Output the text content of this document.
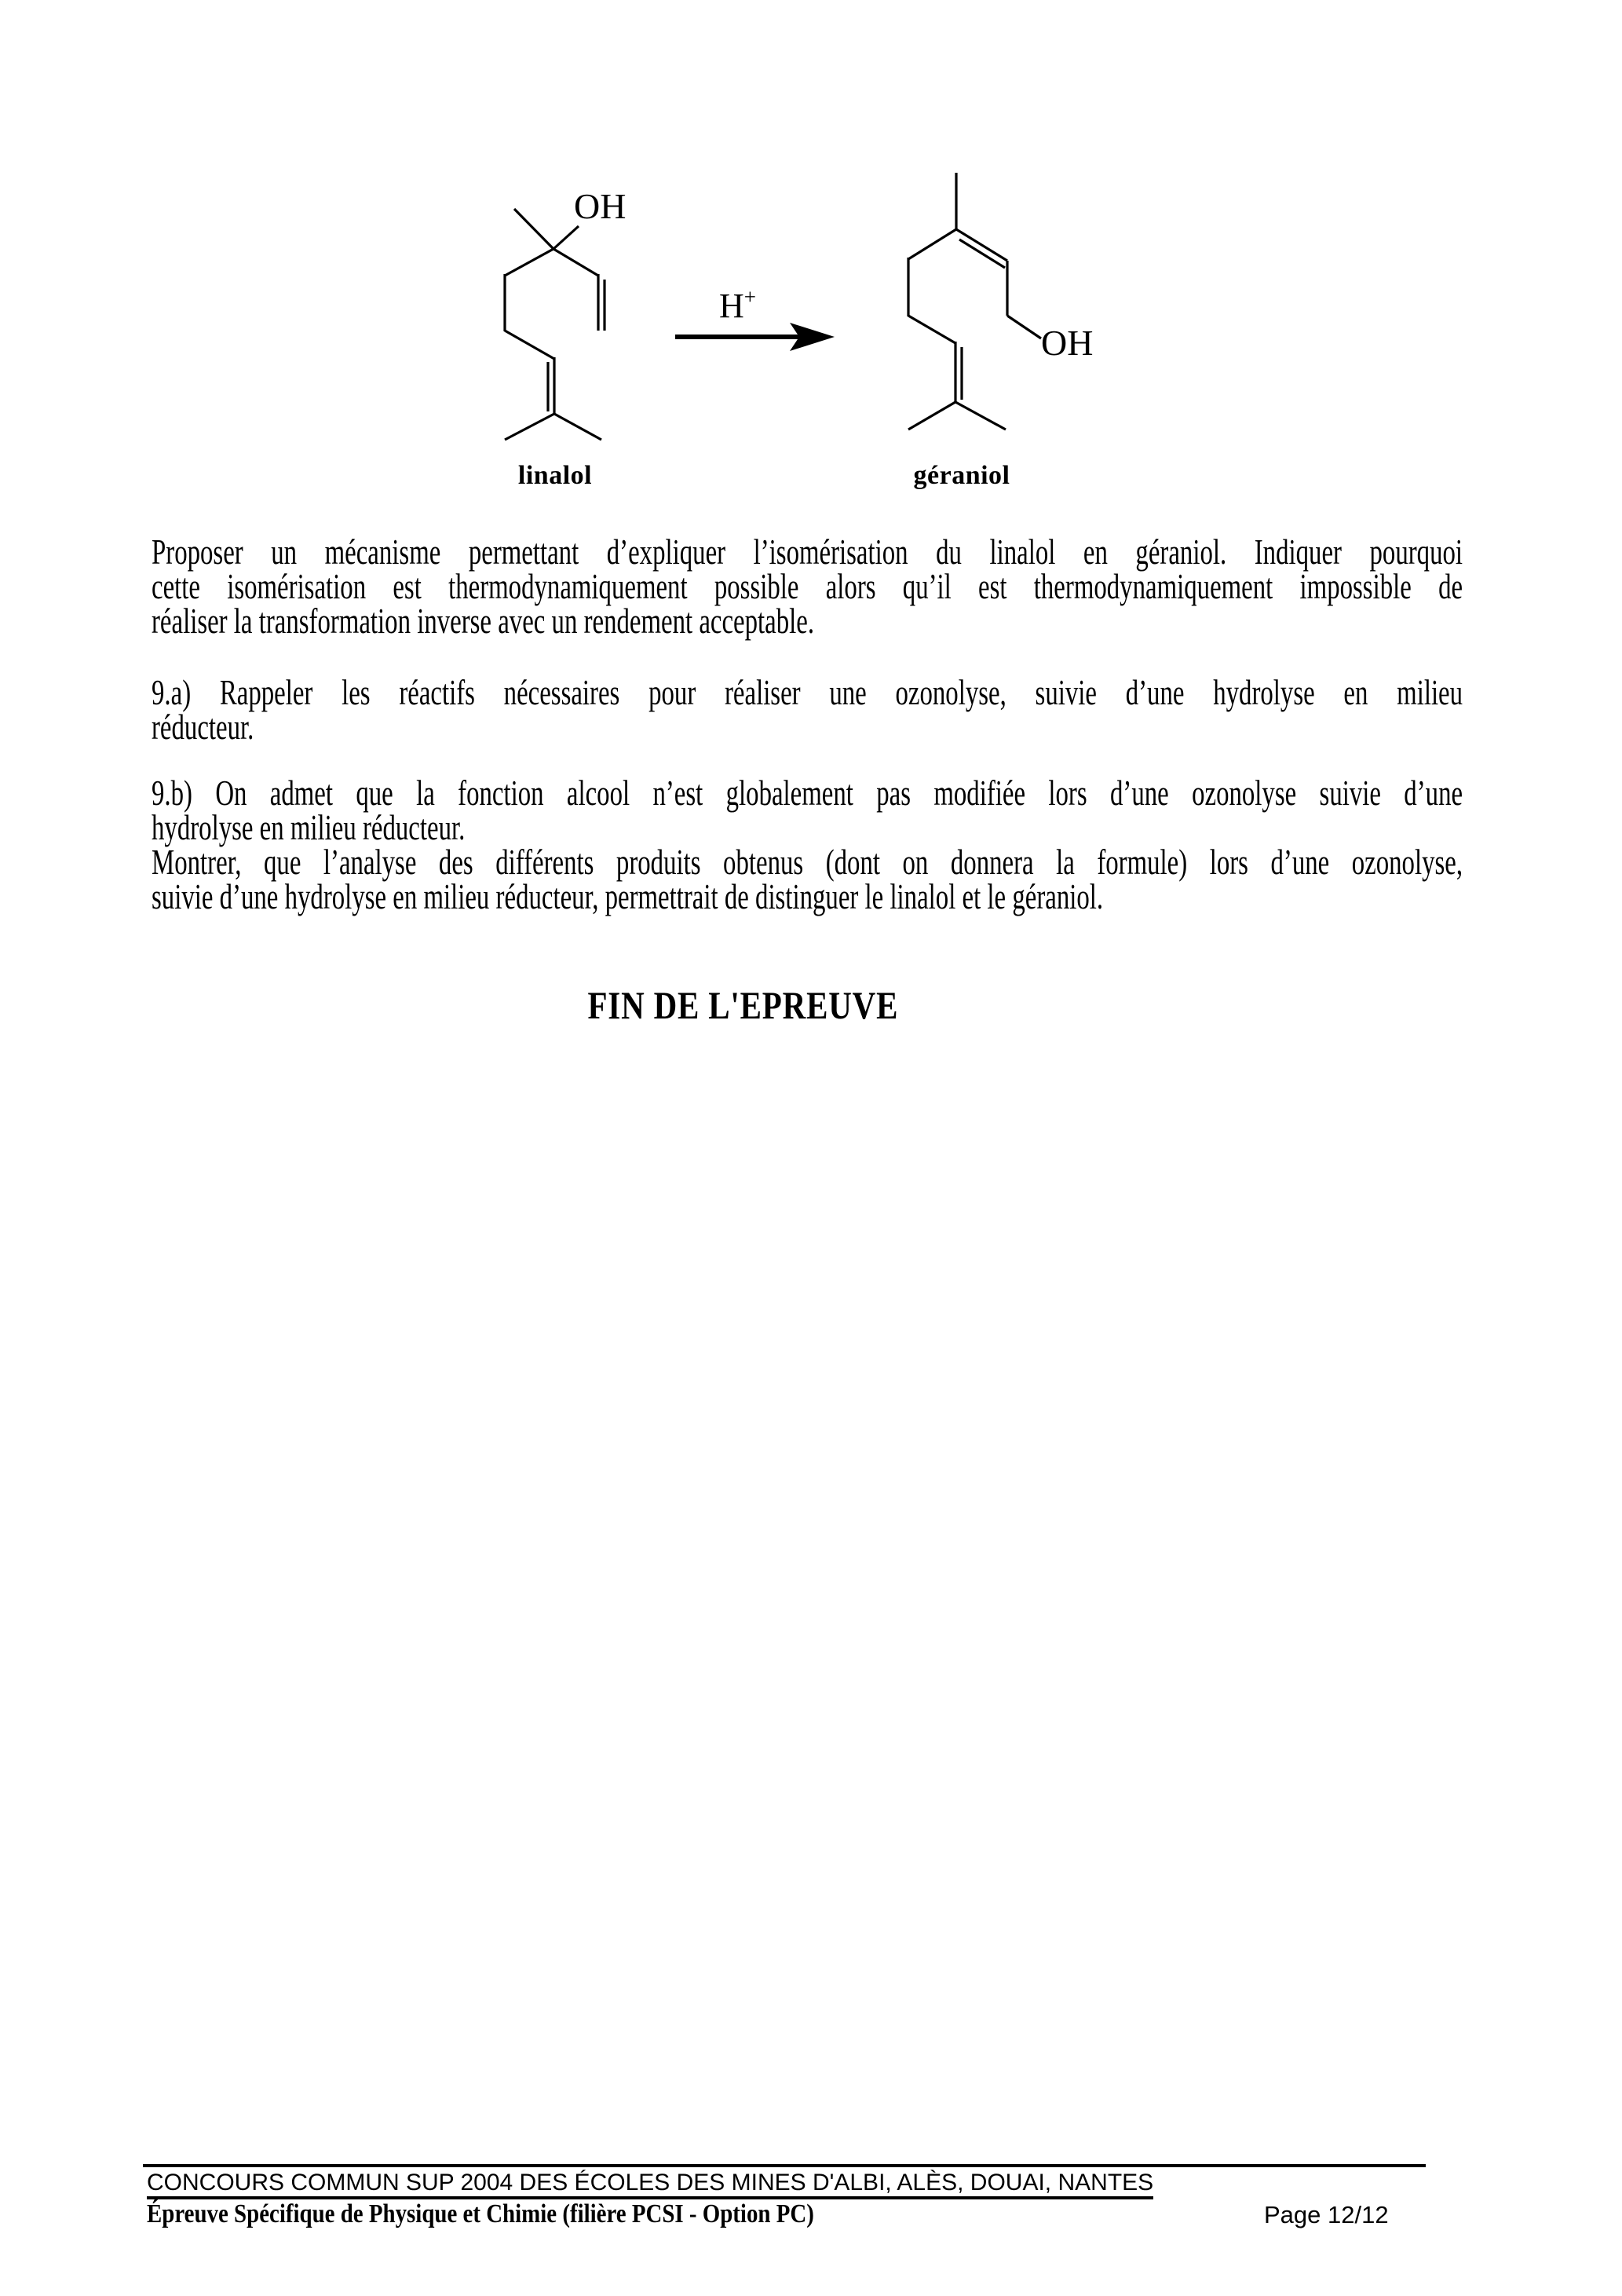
OH
OH
H+
linalol	géraniol
Proposer un mécanisme permettant d’expliquer l’isomérisation du linalol en géraniol. Indiquer pourquoi
cette isomérisation est thermodynamiquement possible alors qu’il est thermodynamiquement impossible de
réaliser la transformation inverse avec un rendement acceptable.
9.a) Rappeler les réactifs nécessaires pour réaliser une ozonolyse, suivie d’une hydrolyse en milieu
réducteur.
9.b) On admet que la fonction alcool n’est globalement pas modifiée lors d’une ozonolyse suivie d’une
hydrolyse en milieu réducteur.
Montrer, que l’analyse des différents produits obtenus (dont on donnera la formule) lors d’une ozonolyse,
suivie d’une hydrolyse en milieu réducteur, permettrait de distinguer le linalol et le géraniol.
FIN DE L'EPREUVE
CONCOURS COMMUN SUP 2004 DES ÉCOLES DES MINES D'ALBI, ALÈS, DOUAI, NANTES
Épreuve Spécifique de Physique et Chimie (filière PCSI - Option PC)	Page 12/12
